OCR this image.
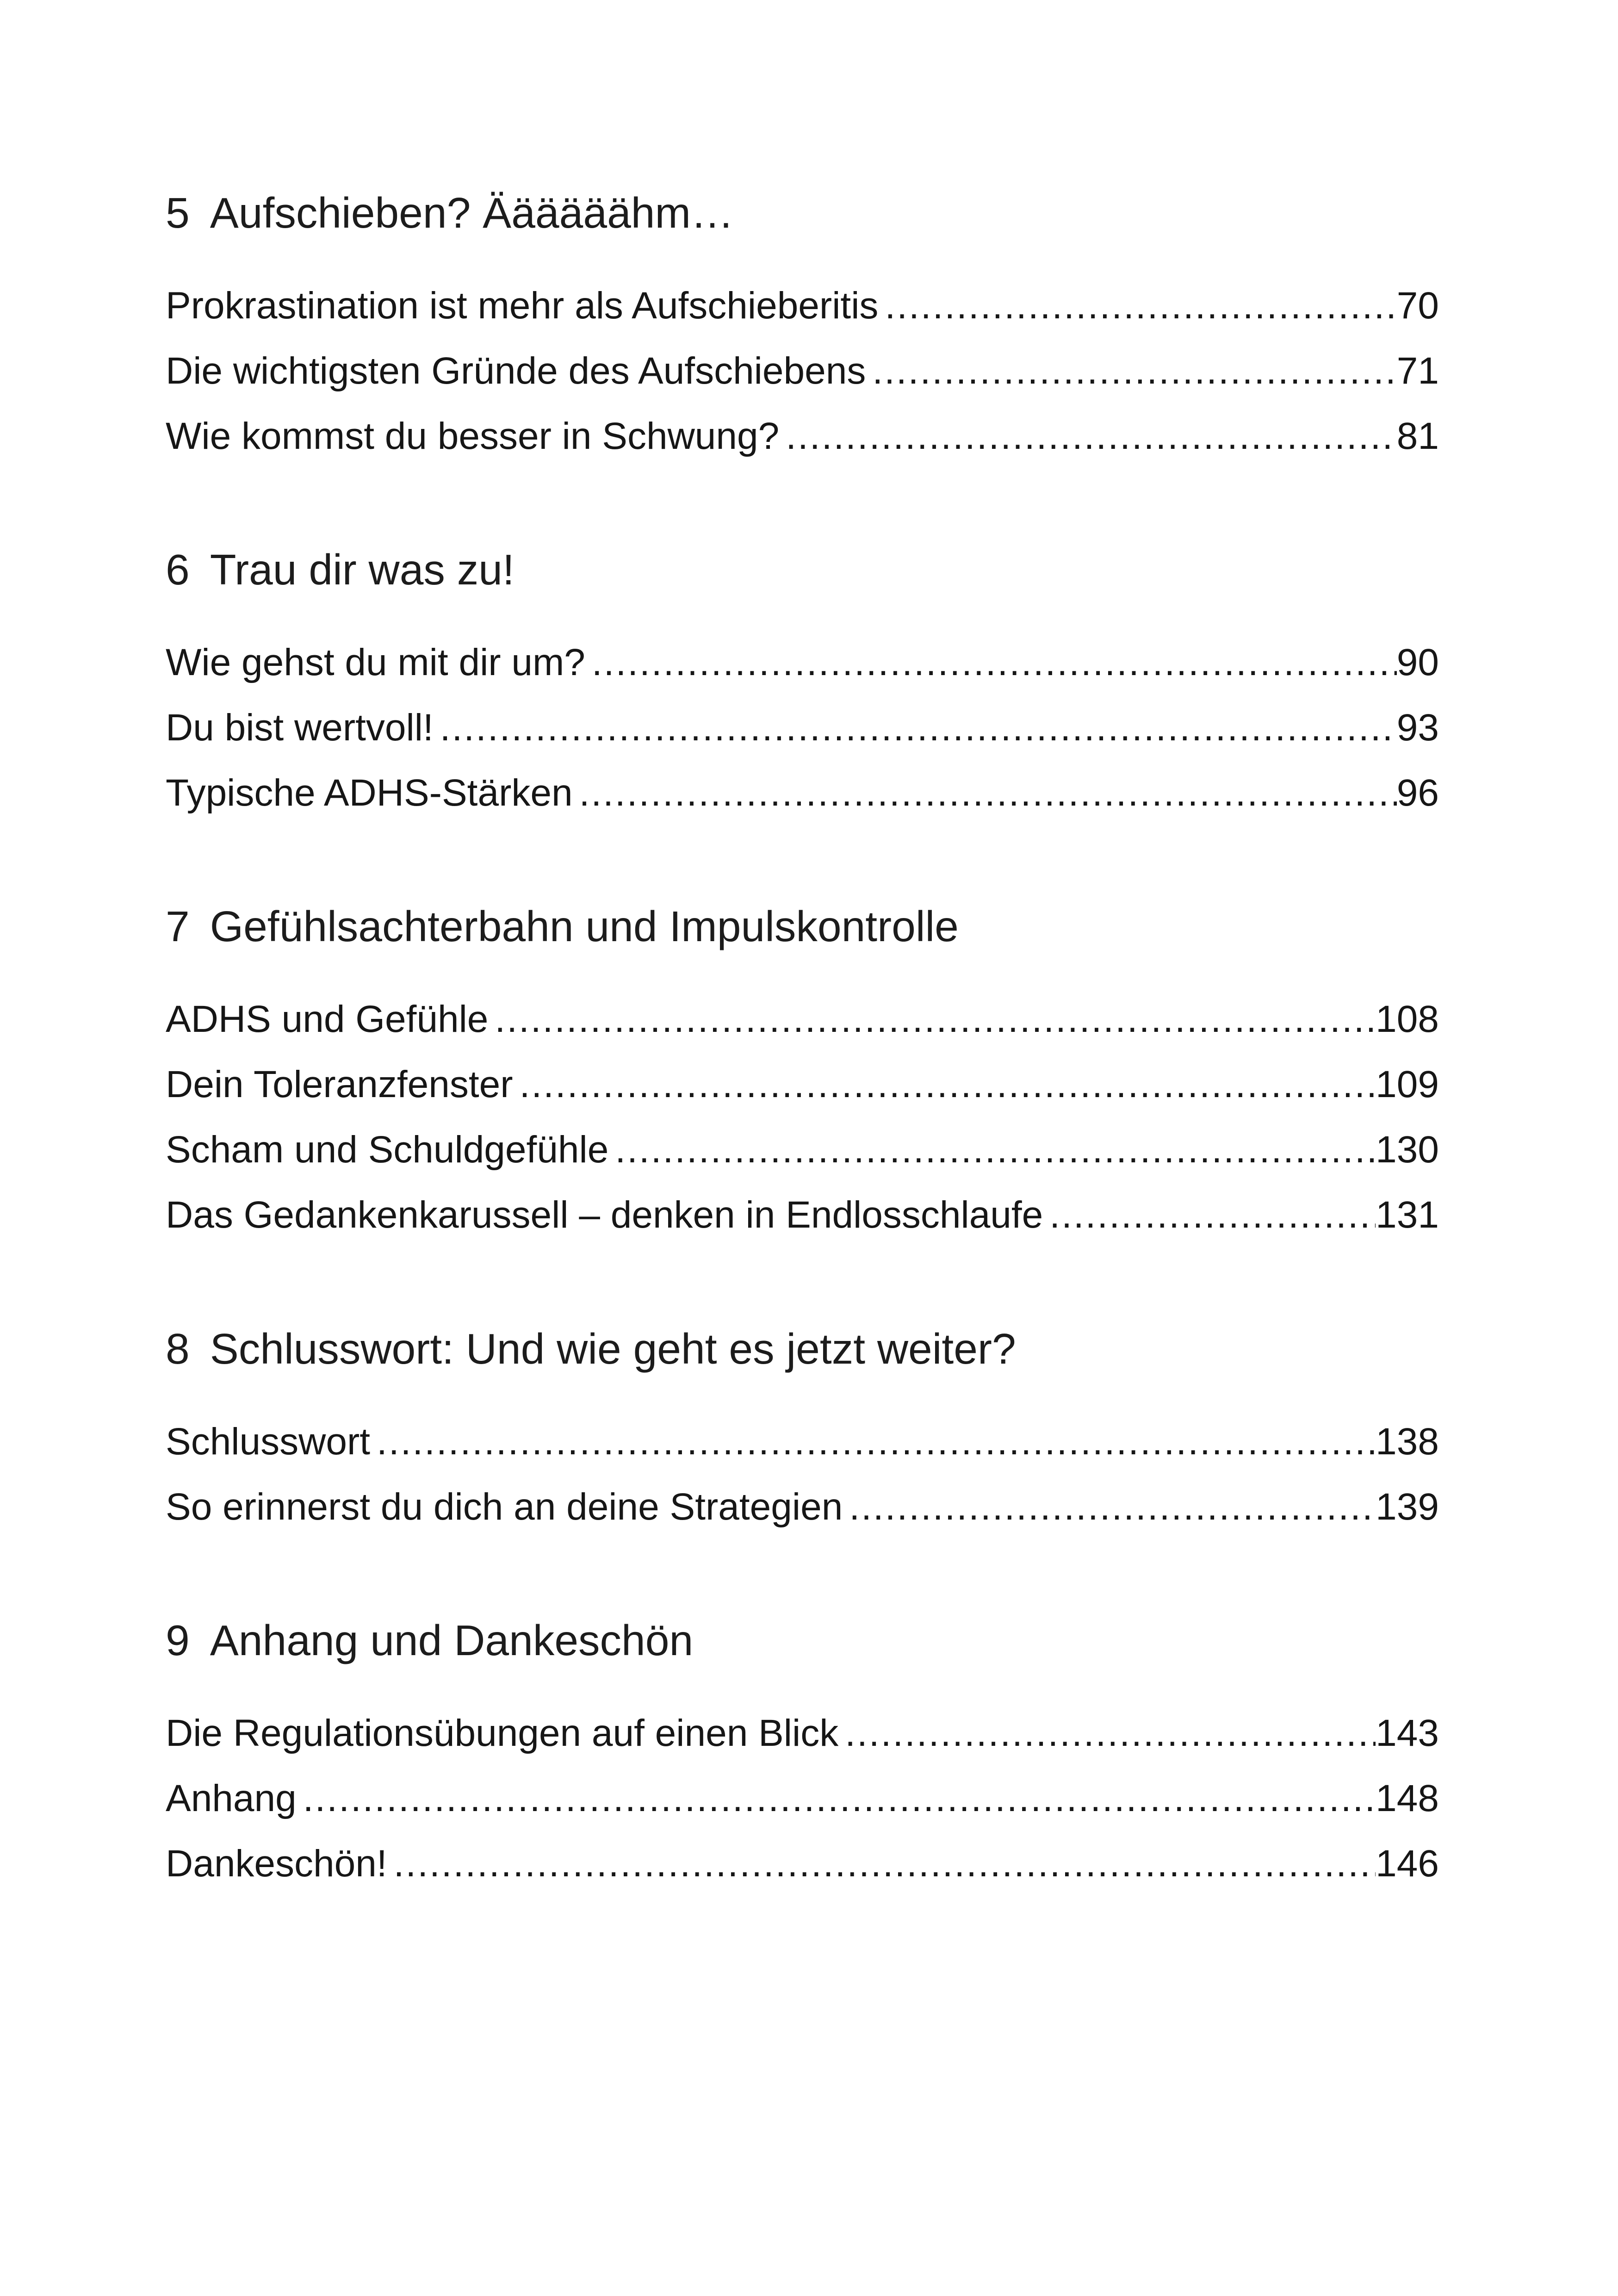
5 Aufschieben? Äääääähm…
Prokrastination ist mehr als Aufschieberitis .....	70
Die wichtigsten Gründe des Aufschiebens .....	71
Wie kommst du besser in Schwung? .....	81
6 Trau dir was zu!
Wie gehst du mit dir um? .....	90
Du bist wertvoll! .....	93
Typische ADHS-Stärken .....	96
7 Gefühlsachterbahn und Impulskontrolle
ADHS und Gefühle .....	108
Dein Toleranzfenster .....	109
Scham und Schuldgefühle .....	130
Das Gedankenkarussell – denken in Endlosschlaufe .....	131
8 Schlusswort: Und wie geht es jetzt weiter?
Schlusswort .....	138
So erinnerst du dich an deine Strategien .....	139
9 Anhang und Dankeschön
Die Regulationsübungen auf einen Blick .....	143
Anhang .....	148
Dankeschön! .....	146
